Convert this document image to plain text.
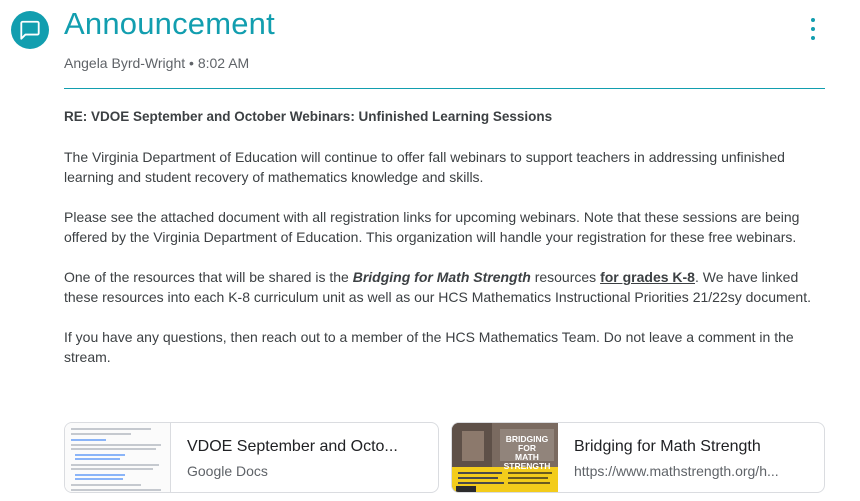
Announcement
Angela Byrd-Wright • 8:02 AM

RE: VDOE September and October Webinars: Unfinished Learning Sessions

The Virginia Department of Education will continue to offer fall webinars to support teachers in addressing unfinished learning and student recovery of mathematics knowledge and skills.

Please see the attached document with all registration links for upcoming webinars. Note that these sessions are being offered by the Virginia Department of Education. This organization will handle your registration for these free webinars.

One of the resources that will be shared is the Bridging for Math Strength resources for grades K-8. We have linked these resources into each K-8 curriculum unit as well as our HCS Mathematics Instructional Priorities 21/22sy document.

If you have any questions, then reach out to a member of the HCS Mathematics Team. Do not leave a comment in the stream.

VDOE September and Octo...
Google Docs
BRIDGING FOR
MATH STRENGTH
Bridging for Math Strength
https://www.mathstrength.org/h...
